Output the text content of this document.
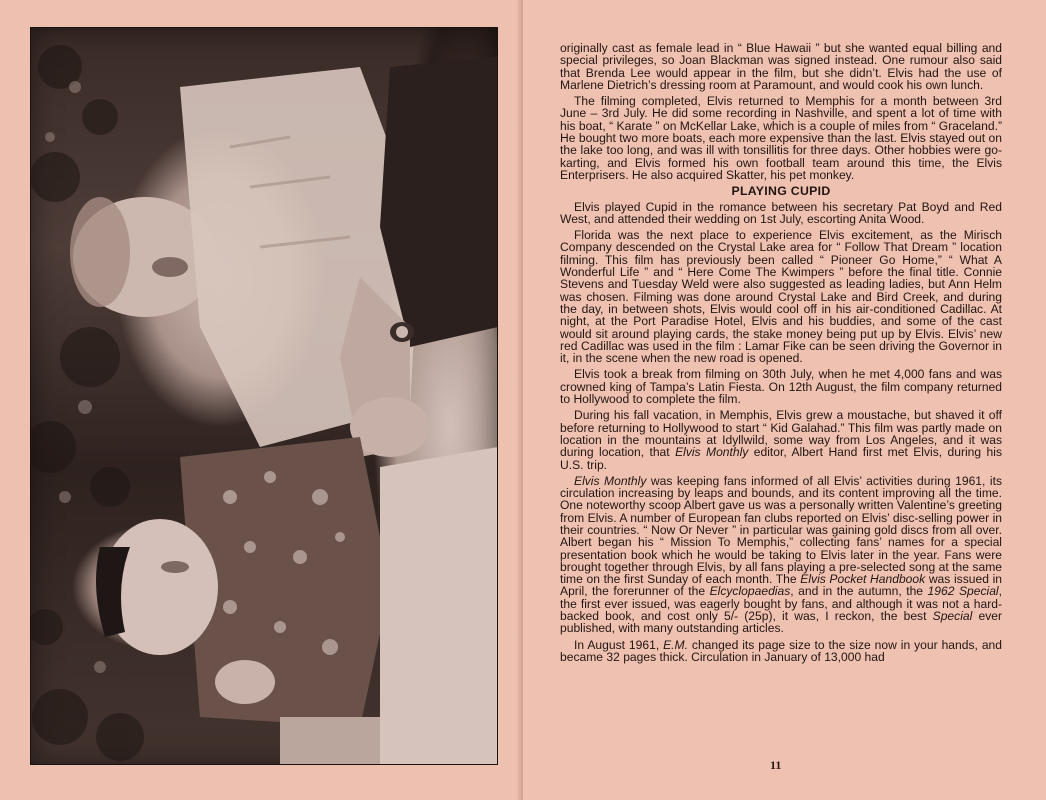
originally cast as female lead in “ Blue Hawaii ” but she wanted equal billing and special privileges, so Joan Blackman was signed instead. One rumour also said that Brenda Lee would appear in the film, but she didn’t. Elvis had the use of Marlene Dietrich’s dressing room at Paramount, and would cook his own lunch.

The filming completed, Elvis returned to Memphis for a month between 3rd June – 3rd July. He did some recording in Nashville, and spent a lot of time with his boat, “ Karate ” on McKellar Lake, which is a couple of miles from “ Graceland.” He bought two more boats, each more expensive than the last. Elvis stayed out on the lake too long, and was ill with tonsillitis for three days. Other hobbies were go-karting, and Elvis formed his own football team around this time, the Elvis Enterprisers. He also acquired Skatter, his pet monkey.

PLAYING CUPID

Elvis played Cupid in the romance between his secretary Pat Boyd and Red West, and attended their wedding on 1st July, escorting Anita Wood.

Florida was the next place to experience Elvis excitement, as the Mirisch Company descended on the Crystal Lake area for “ Follow That Dream ” location filming. This film has previously been called “ Pioneer Go Home,” “ What A Wonderful Life ” and “ Here Come The Kwimpers ” before the final title. Connie Stevens and Tuesday Weld were also suggested as leading ladies, but Ann Helm was chosen. Filming was done around Crystal Lake and Bird Creek, and during the day, in between shots, Elvis would cool off in his air-conditioned Cadillac. At night, at the Port Paradise Hotel, Elvis and his buddies, and some of the cast would sit around playing cards, the stake money being put up by Elvis. Elvis’ new red Cadillac was used in the film : Lamar Fike can be seen driving the Governor in it, in the scene when the new road is opened.

Elvis took a break from filming on 30th July, when he met 4,000 fans and was crowned king of Tampa’s Latin Fiesta. On 12th August, the film company returned to Hollywood to complete the film.

During his fall vacation, in Memphis, Elvis grew a moustache, but shaved it off before returning to Hollywood to start “ Kid Galahad.” This film was partly made on location in the mountains at Idyllwild, some way from Los Angeles, and it was during location, that Elvis Monthly editor, Albert Hand first met Elvis, during his U.S. trip.

Elvis Monthly was keeping fans informed of all Elvis’ activities during 1961, its circulation increasing by leaps and bounds, and its content improving all the time. One noteworthy scoop Albert gave us was a personally written Valentine’s greeting from Elvis. A number of European fan clubs reported on Elvis’ disc-selling power in their countries. “ Now Or Never ” in particular was gaining gold discs from all over. Albert began his “ Mission To Memphis,” collecting fans’ names for a special presentation book which he would be taking to Elvis later in the year. Fans were brought together through Elvis, by all fans playing a pre-selected song at the same time on the first Sunday of each month. The Elvis Pocket Handbook was issued in April, the forerunner of the Elcyclopaedias, and in the autumn, the 1962 Special, the first ever issued, was eagerly bought by fans, and although it was not a hard-backed book, and cost only 5/- (25p), it was, I reckon, the best Special ever published, with many outstanding articles.

In August 1961, E.M. changed its page size to the size now in your hands, and became 32 pages thick. Circulation in January of 13,000 had

11
